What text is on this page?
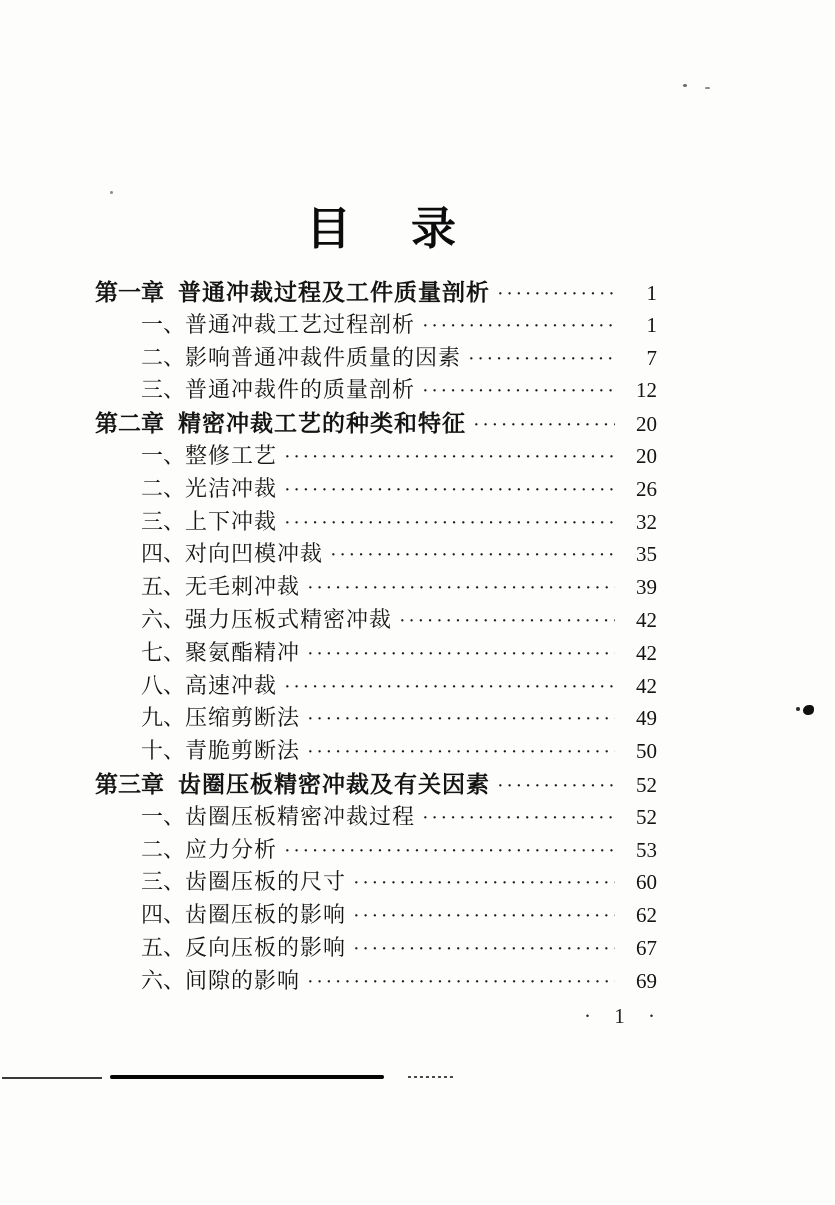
目录
第一章 普通冲裁过程及工件质量剖析 ·····	1
一、 普通冲裁工艺过程剖析 ·····	1
二、 影响普通冲裁件质量的因素 ·····	7
三、 普通冲裁件的质量剖析 ·····	12
第二章 精密冲裁工艺的种类和特征 ·····	20
一、 整修工艺 ·····	20
二、 光洁冲裁 ·····	26
三、 上下冲裁 ·····	32
四、 对向凹模冲裁 ·····	35
五、 无毛刺冲裁 ·····	39
六、 强力压板式精密冲裁 ·····	42
七、 聚氨酯精冲 ·····	42
八、 高速冲裁 ·····	42
九、 压缩剪断法 ·····	49
十、 青脆剪断法 ·····	50
第三章 齿圈压板精密冲裁及有关因素 ·····	52
一、 齿圈压板精密冲裁过程 ·····	52
二、 应力分析 ·····	53
三、 齿圈压板的尺寸 ·····	60
四、 齿圈压板的影响 ·····	62
五、 反向压板的影响 ·····	67
六、 间隙的影响 ·····	69
· 1 ·
